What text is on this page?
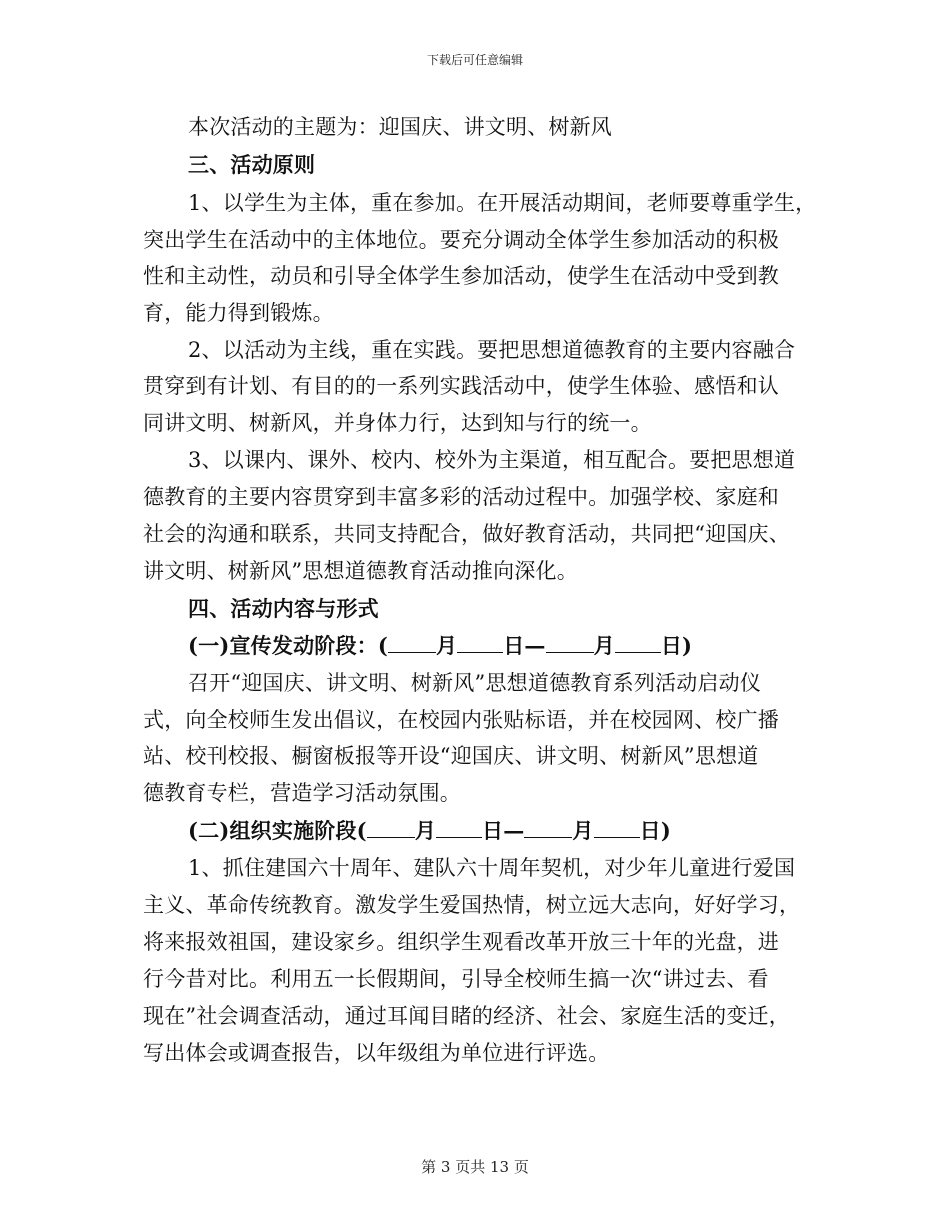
下载后可任意编辑
本次活动的主题为：迎国庆、讲文明、树新风
三、活动原则
1、以学生为主体，重在参加。在开展活动期间，老师要尊重学生，
突出学生在活动中的主体地位。要充分调动全体学生参加活动的积极
性和主动性，动员和引导全体学生参加活动，使学生在活动中受到教
育，能力得到锻炼。
2、以活动为主线，重在实践。要把思想道德教育的主要内容融合
贯穿到有计划、有目的的一系列实践活动中，使学生体验、感悟和认
同讲文明、树新风，并身体力行，达到知与行的统一。
3、以课内、课外、校内、校外为主渠道，相互配合。要把思想道
德教育的主要内容贯穿到丰富多彩的活动过程中。加强学校、家庭和
社会的沟通和联系，共同支持配合，做好教育活动，共同把“迎国庆、
讲文明、树新风”思想道德教育活动推向深化。
四、活动内容与形式
(一)宣传发动阶段：( 月 日— 月 日)
召开“迎国庆、讲文明、树新风”思想道德教育系列活动启动仪
式，向全校师生发出倡议，在校园内张贴标语，并在校园网、校广播
站、校刊校报、橱窗板报等开设“迎国庆、讲文明、树新风”思想道
德教育专栏，营造学习活动氛围。
(二)组织实施阶段( 月 日— 月 日)
1、抓住建国六十周年、建队六十周年契机，对少年儿童进行爱国
主义、革命传统教育。激发学生爱国热情，树立远大志向，好好学习，
将来报效祖国，建设家乡。组织学生观看改革开放三十年的光盘，进
行今昔对比。利用五一长假期间，引导全校师生搞一次“讲过去、看
现在”社会调查活动，通过耳闻目睹的经济、社会、家庭生活的变迁，
写出体会或调查报告，以年级组为单位进行评选。
第 3 页共 13 页
